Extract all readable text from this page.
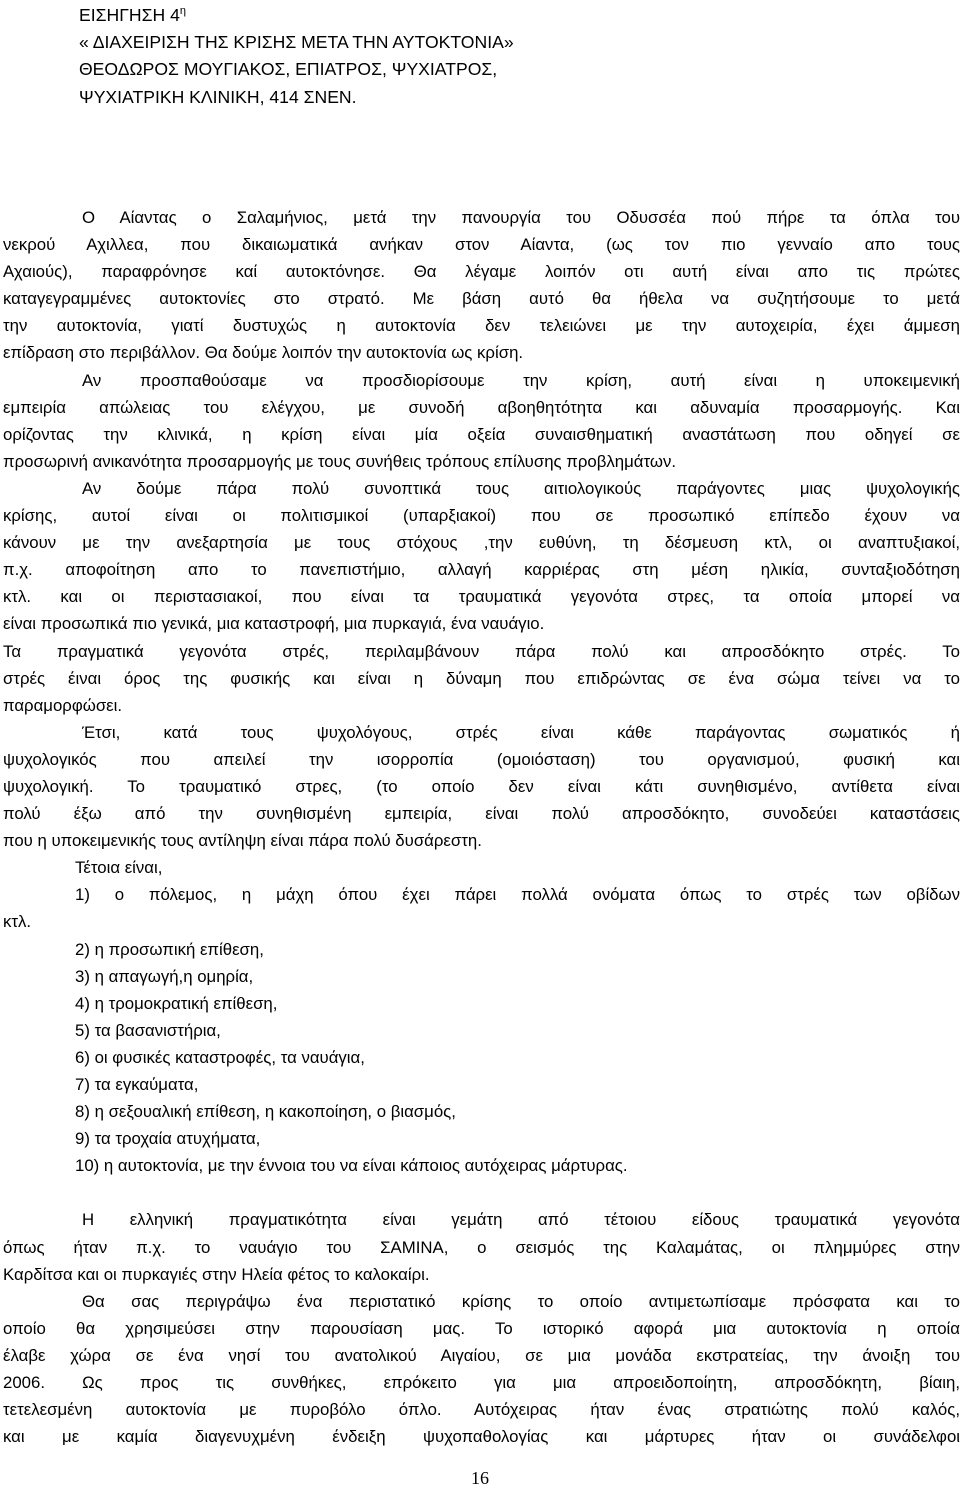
ΕΙΣΗΓΗΣΗ $4^\eta$
« ΔΙΑΧΕΙΡΙΣΗ ΤΗΣ ΚΡΙΣΗΣ ΜΕΤΑ ΤΗΝ ΑΥΤΟΚΤΟΝΙΑ»
ΘΕΟΔΩΡΟΣ ΜΟΥΓΙΑΚΟΣ, ΕΠΙΑΤΡΟΣ, ΨΥΧΙΑΤΡΟΣ,
ΨΥΧΙΑΤΡΙΚΗ ΚΛΙΝΙΚΗ, 414 ΣΝΕΝ.
Ο Αίαντας ο Σαλαμήνιος, μετά την πανουργία του Οδυσσέα πού πήρε τα όπλα του
νεκρού Αχιλλεα, που δικαιωματικά ανήκαν στον Αίαντα, (ως τον πιο γενναίο απο τους
Αχαιούς), παραφρόνησε καί αυτοκτόνησε. Θα λέγαμε λοιπόν οτι αυτή είναι απο τις πρώτες
καταγεγραμμένες αυτοκτονίες στο στρατό. Με βάση αυτό θα ήθελα να συζητήσουμε το μετά
την αυτοκτονία, γιατί δυστυχώς η αυτοκτονία δεν τελειώνει με την αυτοχειρία, έχει άμμεση
επίδραση στο περιβάλλον. Θα δούμε λοιπόν την αυτοκτονία ως κρίση.
Αν προσπαθούσαμε να προσδιορίσουμε την κρίση, αυτή είναι η υποκειμενική
εμπειρία απώλειας του ελέγχου, με συνοδή αβοηθητότητα και αδυναμία προσαρμογής. Και
ορίζοντας την κλινικά, η κρίση είναι μία οξεία συναισθηματική αναστάτωση που οδηγεί σε
προσωρινή ανικανότητα προσαρμογής με τους συνήθεις τρόπους επίλυσης προβλημάτων.
Αν δούμε πάρα πολύ συνοπτικά τους αιτιολογικούς παράγοντες μιας ψυχολογικής
κρίσης, αυτοί είναι οι πολιτισμικοί (υπαρξιακοί) που σε προσωπικό επίπεδο έχουν να
κάνουν με την ανεξαρτησία με τους στόχους ,την ευθύνη, τη δέσμευση κτλ, οι αναπτυξιακοί,
π.χ. αποφοίτηση απο το πανεπιστήμιο, αλλαγή καρριέρας στη μέση ηλικία, συνταξιοδότηση
κτλ. και οι περιστασιακοί, που είναι τα τραυματικά γεγονότα στρες, τα οποία μπορεί να
είναι προσωπικά πιο γενικά, μια καταστροφή, μια πυρκαγιά, ένα ναυάγιο.
Τα πραγματικά γεγονότα στρές, περιλαμβάνουν πάρα πολύ και απροσδόκητο στρές. Το
στρές έιναι όρος της φυσικής και είναι η δύναμη που επιδρώντας σε ένα σώμα τείνει να το
παραμορφώσει.
Έτσι, κατά τους ψυχολόγους, στρές είναι κάθε παράγοντας σωματικός ή
ψυχολογικός που απειλεί την ισορροπία (ομοιόσταση) του οργανισμού, φυσική και
ψυχολογική. Το τραυματικό στρες, (το οποίο δεν είναι κάτι συνηθισμένο, αντίθετα είναι
πολύ έξω από την συνηθισμένη εμπειρία, είναι πολύ απροσδόκητο, συνοδεύει καταστάσεις
που η υποκειμενικής τους αντίληψη είναι πάρα πολύ δυσάρεστη.
Τέτοια είναι,
1) ο πόλεμος, η μάχη όπου έχει πάρει πολλά ονόματα όπως το στρές των οβίδων
κτλ.
2) η προσωπική επίθεση,
3) η απαγωγή,η ομηρία,
4) η τρομοκρατική επίθεση,
5) τα βασανιστήρια,
6) οι φυσικές καταστροφές, τα ναυάγια,
7) τα εγκαύματα,
8) η σεξουαλική επίθεση, η κακοποίηση, ο βιασμός,
9) τα τροχαία ατυχήματα,
10) η αυτοκτονία, με την έννοια του να είναι κάποιος αυτόχειρας μάρτυρας.
Η ελληνική πραγματικότητα είναι γεμάτη από τέτοιου είδους τραυματικά γεγονότα
όπως ήταν π.χ. το ναυάγιο του ΣΑΜΙΝΑ, ο σεισμός της Καλαμάτας, οι πλημμύρες στην
Καρδίτσα και οι πυρκαγιές στην Ηλεία φέτος το καλοκαίρι.
Θα σας περιγράψω ένα περιστατικό κρίσης το οποίο αντιμετωπίσαμε πρόσφατα και το
οποίο θα χρησιμεύσει στην παρουσίαση μας. Το ιστορικό αφορά μια αυτοκτονία η οποία
έλαβε χώρα σε ένα νησί του ανατολικού Αιγαίου, σε μια μονάδα εκστρατείας, την άνοιξη του
2006. Ως προς τις συνθήκες, επρόκειτο για μια απροειδοποίητη, απροσδόκητη, βίαιη,
τετελεσμένη αυτοκτονία με πυροβόλο όπλο. Αυτόχειρας ήταν ένας στρατιώτης πολύ καλός,
και με καμία διαγενυχμένη ένδειξη ψυχοπαθολογίας και μάρτυρες ήταν οι συνάδελφοι
16
